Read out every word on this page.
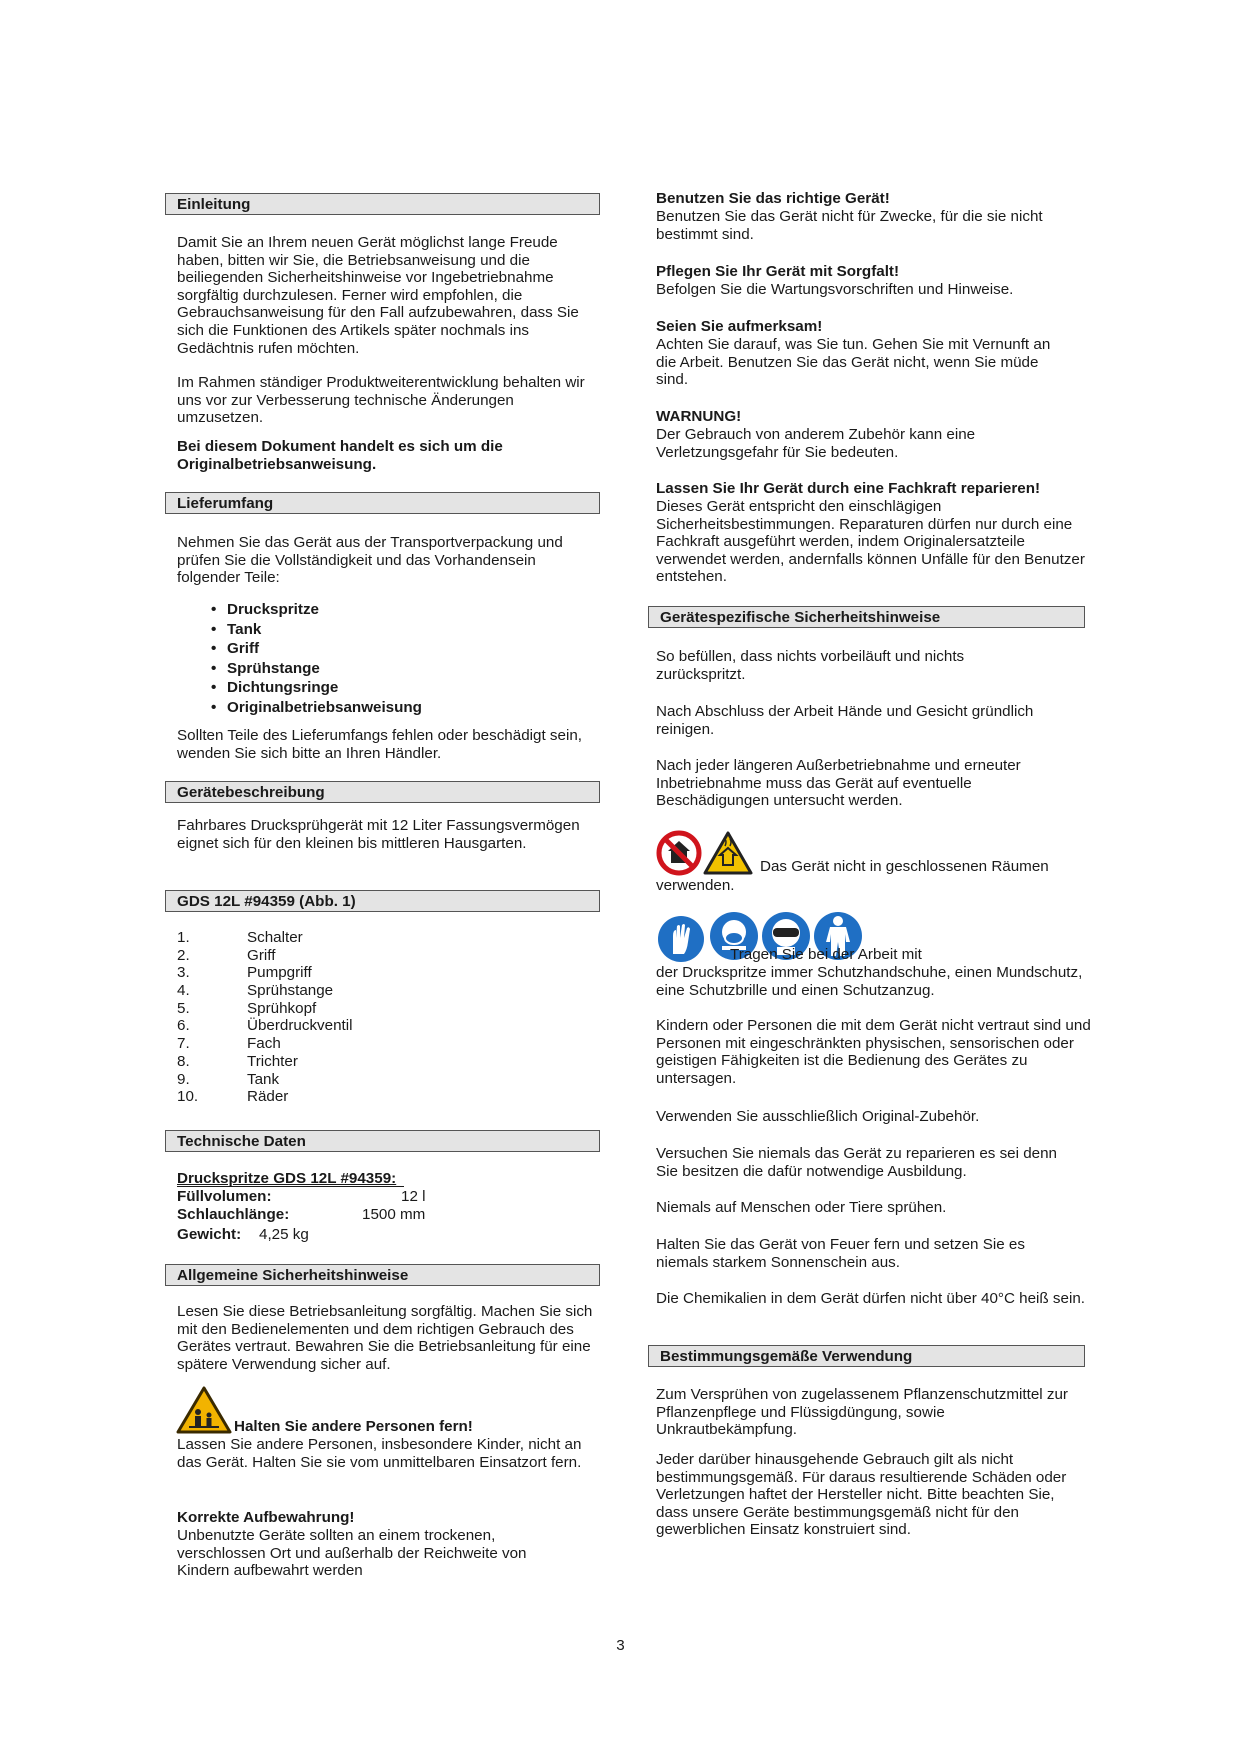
Einleitung
Damit Sie an Ihrem neuen Gerät möglichst lange Freude haben, bitten wir Sie, die Betriebsanweisung und die beiliegenden Sicherheitshinweise vor Ingebetriebnahme sorgfältig durchzulesen. Ferner wird empfohlen, die Gebrauchsanweisung für den Fall aufzubewahren, dass Sie sich die Funktionen des Artikels später nochmals ins Gedächtnis rufen möchten.
Im Rahmen ständiger Produktweiterentwicklung behalten wir uns vor zur Verbesserung technische Änderungen umzusetzen.
Bei diesem Dokument handelt es sich um die Originalbetriebsanweisung.
Lieferumfang
Nehmen Sie das Gerät aus der Transportverpackung und prüfen Sie die Vollständigkeit und das Vorhandensein folgender Teile:
• Druckspritze
• Tank
• Griff
• Sprühstange
• Dichtungsringe
• Originalbetriebsanweisung
Sollten Teile des Lieferumfangs fehlen oder beschädigt sein, wenden Sie sich bitte an Ihren Händler.
Gerätebeschreibung
Fahrbares Drucksprühgerät mit 12 Liter Fassungsvermögen eignet sich für den kleinen bis mittleren Hausgarten.
GDS 12L #94359 (Abb. 1)
1.	Schalter
2.	Griff
3.	Pumpgriff
4.	Sprühstange
5.	Sprühkopf
6.	Überdruckventil
7.	Fach
8.	Trichter
9.	Tank
10.	Räder
Technische Daten
Druckspritze GDS 12L #94359:
Füllvolumen:	12 l
Schlauchlänge:	1500 mm
Gewicht: 4,25 kg
Allgemeine Sicherheitshinweise
Lesen Sie diese Betriebsanleitung sorgfältig. Machen Sie sich mit den Bedienelementen und dem richtigen Gebrauch des Gerätes vertraut. Bewahren Sie die Betriebsanleitung für eine spätere Verwendung sicher auf.
Halten Sie andere Personen fern!
Lassen Sie andere Personen, insbesondere Kinder, nicht an das Gerät. Halten Sie sie vom unmittelbaren Einsatzort fern.
Korrekte Aufbewahrung!
Unbenutzte Geräte sollten an einem trockenen, verschlossen Ort und außerhalb der Reichweite von Kindern aufbewahrt werden
Benutzen Sie das richtige Gerät!
Benutzen Sie das Gerät nicht für Zwecke, für die sie nicht bestimmt sind.
Pflegen Sie Ihr Gerät mit Sorgfalt!
Befolgen Sie die Wartungsvorschriften und Hinweise.
Seien Sie aufmerksam!
Achten Sie darauf, was Sie tun. Gehen Sie mit Vernunft an die Arbeit. Benutzen Sie das Gerät nicht, wenn Sie müde sind.
WARNUNG!
Der Gebrauch von anderem Zubehör kann eine Verletzungsgefahr für Sie bedeuten.
Lassen Sie Ihr Gerät durch eine Fachkraft reparieren!
Dieses Gerät entspricht den einschlägigen Sicherheitsbestimmungen. Reparaturen dürfen nur durch eine Fachkraft ausgeführt werden, indem Originalersatzteile verwendet werden, andernfalls können Unfälle für den Benutzer entstehen.
Gerätespezifische Sicherheitshinweise
So befüllen, dass nichts vorbeiläuft und nichts zurückspritzt.
Nach Abschluss der Arbeit Hände und Gesicht gründlich reinigen.
Nach jeder längeren Außerbetriebnahme und erneuter Inbetriebnahme muss das Gerät auf eventuelle Beschädigungen untersucht werden.
Das Gerät nicht in geschlossenen Räumen
verwenden.
Tragen Sie bei der Arbeit mit
der Druckspritze immer Schutzhandschuhe, einen Mundschutz, eine Schutzbrille und einen Schutzanzug.
Kindern oder Personen die mit dem Gerät nicht vertraut sind und Personen mit eingeschränkten physischen, sensorischen oder geistigen Fähigkeiten ist die Bedienung des Gerätes zu untersagen.
Verwenden Sie ausschließlich Original-Zubehör.
Versuchen Sie niemals das Gerät zu reparieren es sei denn Sie besitzen die dafür notwendige Ausbildung.
Niemals auf Menschen oder Tiere sprühen.
Halten Sie das Gerät von Feuer fern und setzen Sie es niemals starkem Sonnenschein aus.
Die Chemikalien in dem Gerät dürfen nicht über 40°C heiß sein.
Bestimmungsgemäße Verwendung
Zum Versprühen von zugelassenem Pflanzenschutzmittel zur Pflanzenpflege und Flüssigdüngung, sowie Unkrautbekämpfung.
Jeder darüber hinausgehende Gebrauch gilt als nicht bestimmungsgemäß. Für daraus resultierende Schäden oder Verletzungen haftet der Hersteller nicht. Bitte beachten Sie, dass unsere Geräte bestimmungsgemäß nicht für den gewerblichen Einsatz konstruiert sind.
3
